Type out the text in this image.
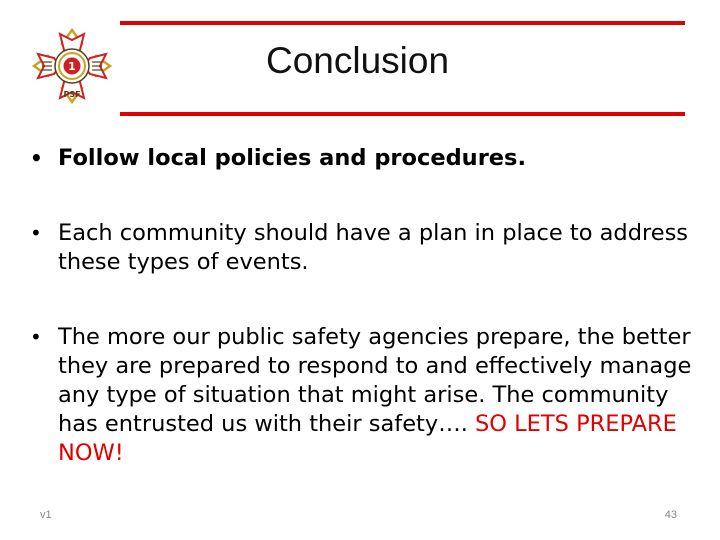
1
PSF
Conclusion
• Follow local policies and procedures.
• Each community should have a plan in place to address these types of events.
• The more our public safety agencies prepare, the better they are prepared to respond to and effectively manage any type of situation that might arise. The community has entrusted us with their safety…. SO LETS PREPARE NOW!
v1	43
